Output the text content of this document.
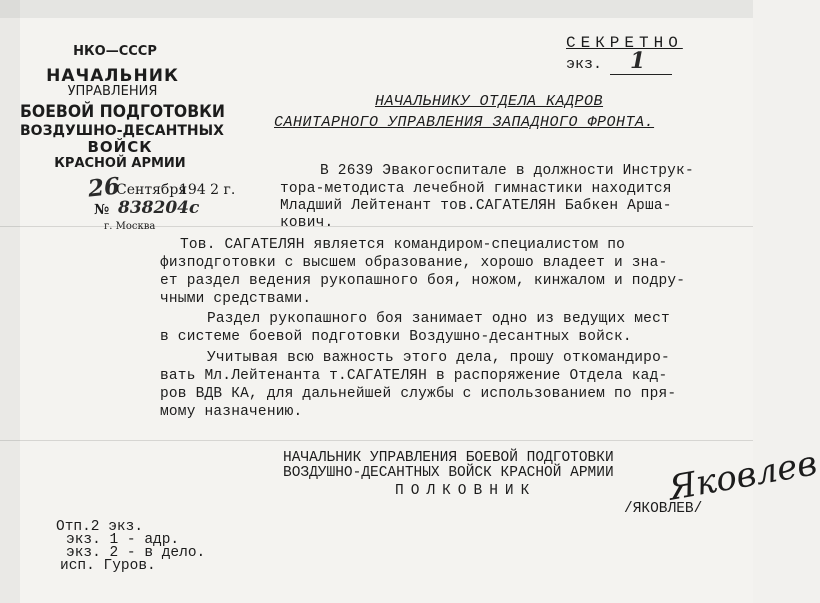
НКО—СССР
НАЧАЛЬНИК
УПРАВЛЕНИЯ
БОЕВОЙ ПОДГОТОВКИ
ВОЗДУШНО-ДЕСАНТНЫХ
ВОЙСК
КРАСНОЙ АРМИИ
26
Сентября
194 2 г.
№ 838204с
г. Москва
СЕКРЕТНО
экз. 1
НАЧАЛЬНИКУ ОТДЕЛА КАДРОВ
САНИТАРНОГО УПРАВЛЕНИЯ ЗАПАДНОГО ФРОНТА.
В 2639 Эвакогоспитале в должности Инструк-
тора-методиста лечебной гимнастики находится
Младший Лейтенант тов.САГАТЕЛЯН Бабкен Арша-
кович.
Тов. САГАТЕЛЯН является командиром-специалистом по
физподготовки с высшем образование, хорошо владеет и зна-
ет раздел ведения рукопашного боя, ножом, кинжалом и подру-
чными средствами.
Раздел рукопашного боя занимает одно из ведущих мест
в системе боевой подготовки Воздушно-десантных войск.
Учитывая всю важность этого дела, прошу откомандиро-
вать Мл.Лейтенанта т.САГАТЕЛЯН в распоряжение Отдела кад-
ров ВДВ КА, для дальнейшей службы с использованием по пря-
мому назначению.
НАЧАЛЬНИК УПРАВЛЕНИЯ БОЕВОЙ ПОДГОТОВКИ
ВОЗДУШНО-ДЕСАНТНЫХ ВОЙСК КРАСНОЙ АРМИИ
ПОЛКОВНИК	Яковлев
/ЯКОВЛЕВ/
Отп.2 экз.
экз. 1 - адр.
экз. 2 - в дело.
исп. Гуров.
